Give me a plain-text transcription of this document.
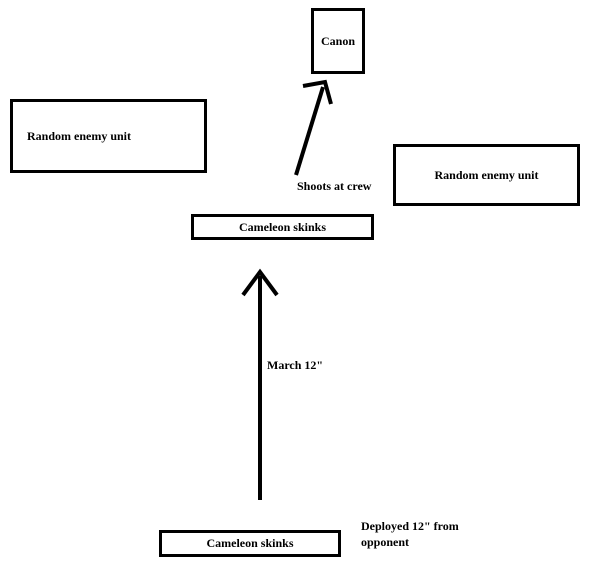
Canon
Random enemy unit
Random enemy unit
Cameleon skinks
Cameleon skinks
Shoots at crew
March 12"
Deployed 12" from opponent
